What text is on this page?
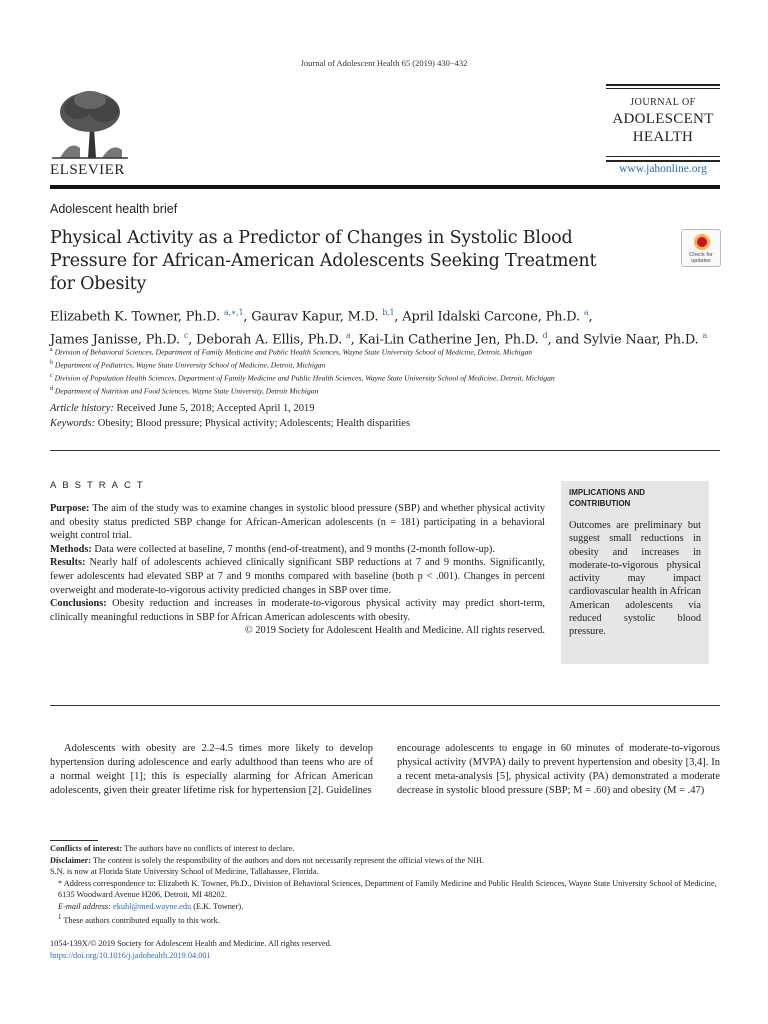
Journal of Adolescent Health 65 (2019) 430−432
ELSEVIER
JOURNAL OF
ADOLESCENT
HEALTH
www.jahonline.org
Adolescent health brief
Physical Activity as a Predictor of Changes in Systolic Blood Pressure for African-American Adolescents Seeking Treatment for Obesity
Check for
updates
Elizabeth K. Towner, Ph.D. $^{a,∗,1}$, Gaurav Kapur, M.D. $^{b,1}$, April Idalski Carcone, Ph.D. $^a$,
James Janisse, Ph.D. $^c$, Deborah A. Ellis, Ph.D. $^a$, Kai-Lin Catherine Jen, Ph.D. $^d$, and Sylvie Naar, Ph.D. $^a$
$^a$ Division of Behavioral Sciences, Department of Family Medicine and Public Health Sciences, Wayne State University School of Medicine, Detroit, Michigan
$^b$ Department of Pediatrics, Wayne State University School of Medicine, Detroit, Michigan
$^c$ Division of Population Health Sciences, Department of Family Medicine and Public Health Sciences, Wayne State University School of Medicine, Detroit, Michigan
$^d$ Department of Nutrition and Food Sciences, Wayne State University, Detroit Michigan
Article history: Received June 5, 2018; Accepted April 1, 2019
Keywords: Obesity; Blood pressure; Physical activity; Adolescents; Health disparities
ABSTRACT

Purpose: The aim of the study was to examine changes in systolic blood pressure (SBP) and whether physical activity and obesity status predicted SBP change for African-American adolescents (n = 181) participating in a behavioral weight control trial.

Methods: Data were collected at baseline, 7 months (end-of-treatment), and 9 months (2-month follow-up).

Results: Nearly half of adolescents achieved clinically significant SBP reductions at 7 and 9 months. Significantly, fewer adolescents had elevated SBP at 7 and 9 months compared with baseline (both p < .001). Changes in percent overweight and moderate-to-vigorous activity predicted changes in SBP over time.

Conclusions: Obesity reduction and increases in moderate-to-vigorous physical activity may predict short-term, clinically meaningful reductions in SBP for African American adolescents with obesity.

© 2019 Society for Adolescent Health and Medicine. All rights reserved.

IMPLICATIONS AND CONTRIBUTION
Outcomes are preliminary but suggest small reductions in obesity and increases in moderate-to-vigorous physical activity may impact cardiovascular health in African American adolescents via reduced systolic blood pressure.

Adolescents with obesity are 2.2–4.5 times more likely to develop hypertension during adolescence and early adulthood than teens who are of a normal weight [1]; this is especially alarming for African American adolescents, given their greater lifetime risk for hypertension [2]. Guidelines

encourage adolescents to engage in 60 minutes of moderate-to-vigorous physical activity (MVPA) daily to prevent hypertension and obesity [3,4]. In a recent meta-analysis [5], physical activity (PA) demonstrated a moderate decrease in systolic blood pressure (SBP; M = .60) and obesity (M = .47)
Conflicts of interest: The authors have no conflicts of interest to declare.
Disclaimer: The content is solely the responsibility of the authors and does not necessarily represent the official views of the NIH.
S.N. is now at Florida State University School of Medicine, Tallahassee, Florida.
* Address correspondence to: Elizabeth K. Towner, Ph.D., Division of Behavioral Sciences, Department of Family Medicine and Public Health Sciences, Wayne State University School of Medicine, 6135 Woodward Avenue H206, Detroit, MI 48202.
E-mail address: ekuhl@med.wayne.edu (E.K. Towner).
$^1$ These authors contributed equally to this work.
1054-139X/© 2019 Society for Adolescent Health and Medicine. All rights reserved.
https://doi.org/10.1016/j.jadohealth.2019.04.001
